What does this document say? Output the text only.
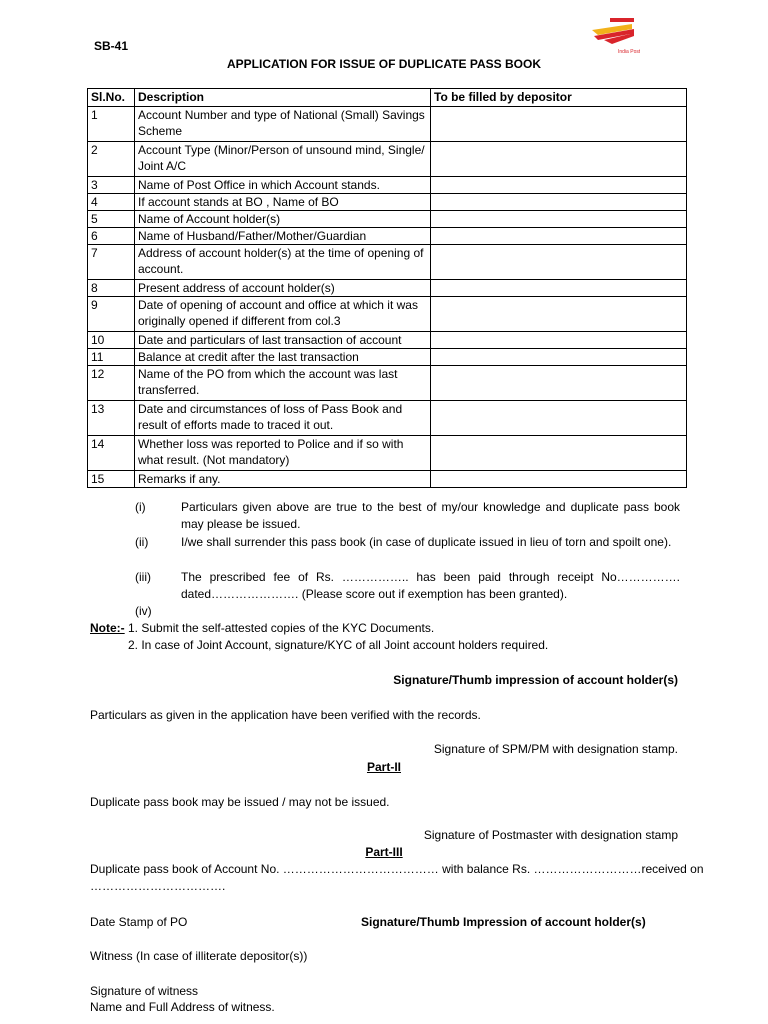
SB-41
APPLICATION FOR ISSUE OF DUPLICATE PASS BOOK
India Post
Sl.No.	Description	To be filled by depositor
1	Account Number and type of National (Small) Savings Scheme	
2	Account Type (Minor/Person of unsound mind, Single/ Joint A/C	
3	Name of Post Office in which Account stands.	
4	If account stands at BO , Name of BO	
5	Name of Account holder(s)	
6	Name of Husband/Father/Mother/Guardian	
7	Address of account holder(s) at the time of opening of account.	
8	Present address of account holder(s)	
9	Date of opening of account and office at which it was originally opened if different from col.3	
10	Date and particulars of last transaction of account	
11	Balance at credit after the last transaction	
12	Name of the PO from which the account was last transferred.	
13	Date and circumstances of loss of Pass Book and result of efforts made to traced it out.	
14	Whether loss was reported to Police and if so with what result. (Not mandatory)	
15	Remarks if any.	
(i)	Particulars given above are true to the best of my/our knowledge and duplicate pass book may please be issued.
(ii)	I/we shall surrender this pass book (in case of duplicate issued in lieu of torn and spoilt one).
(iii)	The prescribed fee of Rs. …………….. has been paid through receipt No……………. dated…………………. (Please score out if exemption has been granted).
(iv)
Note:- 1. Submit the self-attested copies of the KYC Documents.
2. In case of Joint Account, signature/KYC of all Joint account holders required.
Signature/Thumb impression of account holder(s)
Particulars as given in the application have been verified with the records.
Signature of SPM/PM with designation stamp.
Part-II
Duplicate pass book may be issued / may not be issued.
Signature of Postmaster with designation stamp
Part-III
Duplicate pass book of Account No. ………………………………… with balance Rs. ………………………received on
…………………………….
Date Stamp of PO	Signature/Thumb Impression of account holder(s)
Witness (In case of illiterate depositor(s))
Signature of witness
Name and Full Address of witness.
